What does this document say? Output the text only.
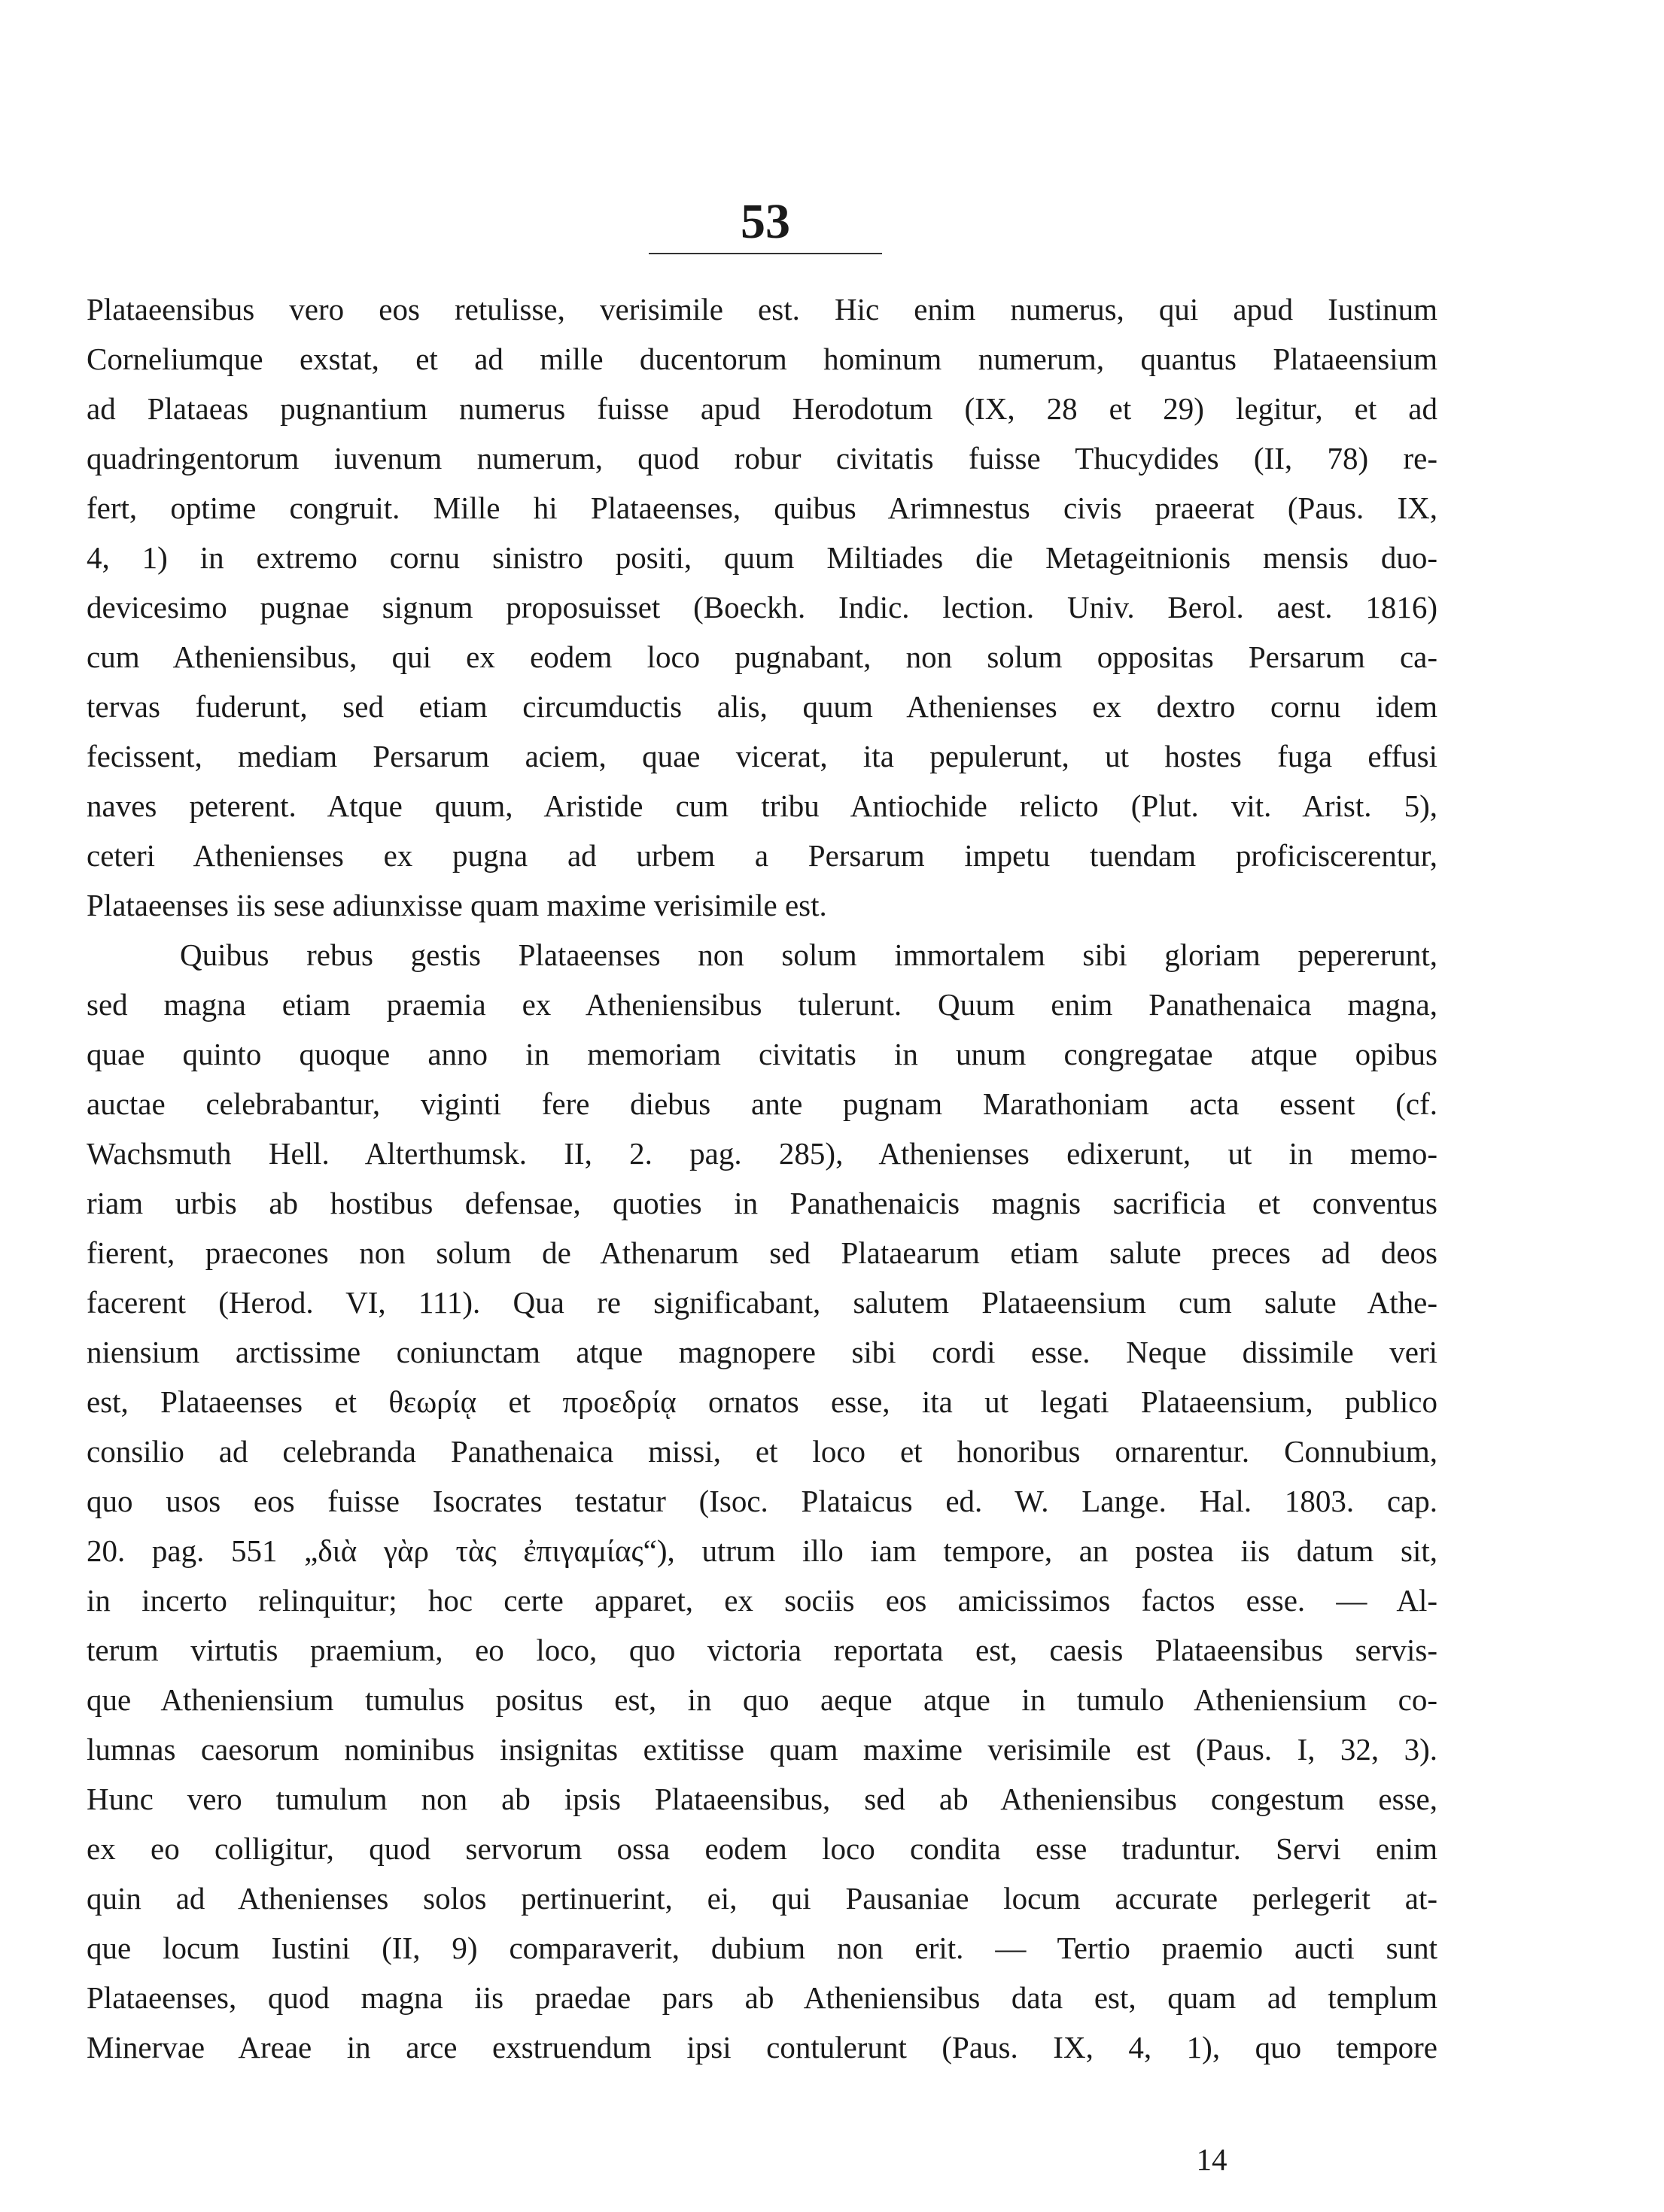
53
Plataeensibus vero eos retulisse, verisimile est. Hic enim numerus, qui apud Iustinum
Corneliumque exstat, et ad mille ducentorum hominum numerum, quantus Plataeensium
ad Plataeas pugnantium numerus fuisse apud Herodotum (IX, 28 et 29) legitur, et ad
quadringentorum iuvenum numerum, quod robur civitatis fuisse Thucydides (II, 78) re-
fert, optime congruit. Mille hi Plataeenses, quibus Arimnestus civis praeerat (Paus. IX,
4, 1) in extremo cornu sinistro positi, quum Miltiades die Metageitnionis mensis duo-
devicesimo pugnae signum proposuisset (Boeckh. Indic. lection. Univ. Berol. aest. 1816)
cum Atheniensibus, qui ex eodem loco pugnabant, non solum oppositas Persarum ca-
tervas fuderunt, sed etiam circumductis alis, quum Athenienses ex dextro cornu idem
fecissent, mediam Persarum aciem, quae vicerat, ita pepulerunt, ut hostes fuga effusi
naves peterent. Atque quum, Aristide cum tribu Antiochide relicto (Plut. vit. Arist. 5),
ceteri Athenienses ex pugna ad urbem a Persarum impetu tuendam proficiscerentur,
Plataeenses iis sese adiunxisse quam maxime verisimile est.
Quibus rebus gestis Plataeenses non solum immortalem sibi gloriam pepererunt,
sed magna etiam praemia ex Atheniensibus tulerunt. Quum enim Panathenaica magna,
quae quinto quoque anno in memoriam civitatis in unum congregatae atque opibus
auctae celebrabantur, viginti fere diebus ante pugnam Marathoniam acta essent (cf.
Wachsmuth Hell. Alterthumsk. II, 2. pag. 285), Athenienses edixerunt, ut in memo-
riam urbis ab hostibus defensae, quoties in Panathenaicis magnis sacrificia et conventus
fierent, praecones non solum de Athenarum sed Plataearum etiam salute preces ad deos
facerent (Herod. VI, 111). Qua re significabant, salutem Plataeensium cum salute Athe-
niensium arctissime coniunctam atque magnopere sibi cordi esse. Neque dissimile veri
est, Plataeenses et θεωρίᾳ et προεδρίᾳ ornatos esse, ita ut legati Plataeensium, publico
consilio ad celebranda Panathenaica missi, et loco et honoribus ornarentur. Connubium,
quo usos eos fuisse Isocrates testatur (Isoc. Plataicus ed. W. Lange. Hal. 1803. cap.
20. pag. 551 „διὰ γὰρ τὰς ἐπιγαμίας“), utrum illo iam tempore, an postea iis datum sit,
in incerto relinquitur; hoc certe apparet, ex sociis eos amicissimos factos esse. — Al-
terum virtutis praemium, eo loco, quo victoria reportata est, caesis Plataeensibus servis-
que Atheniensium tumulus positus est, in quo aeque atque in tumulo Atheniensium co-
lumnas caesorum nominibus insignitas extitisse quam maxime verisimile est (Paus. I, 32, 3).
Hunc vero tumulum non ab ipsis Plataeensibus, sed ab Atheniensibus congestum esse,
ex eo colligitur, quod servorum ossa eodem loco condita esse traduntur. Servi enim
quin ad Athenienses solos pertinuerint, ei, qui Pausaniae locum accurate perlegerit at-
que locum Iustini (II, 9) comparaverit, dubium non erit. — Tertio praemio aucti sunt
Plataeenses, quod magna iis praedae pars ab Atheniensibus data est, quam ad templum
Minervae Areae in arce exstruendum ipsi contulerunt (Paus. IX, 4, 1), quo tempore
14
